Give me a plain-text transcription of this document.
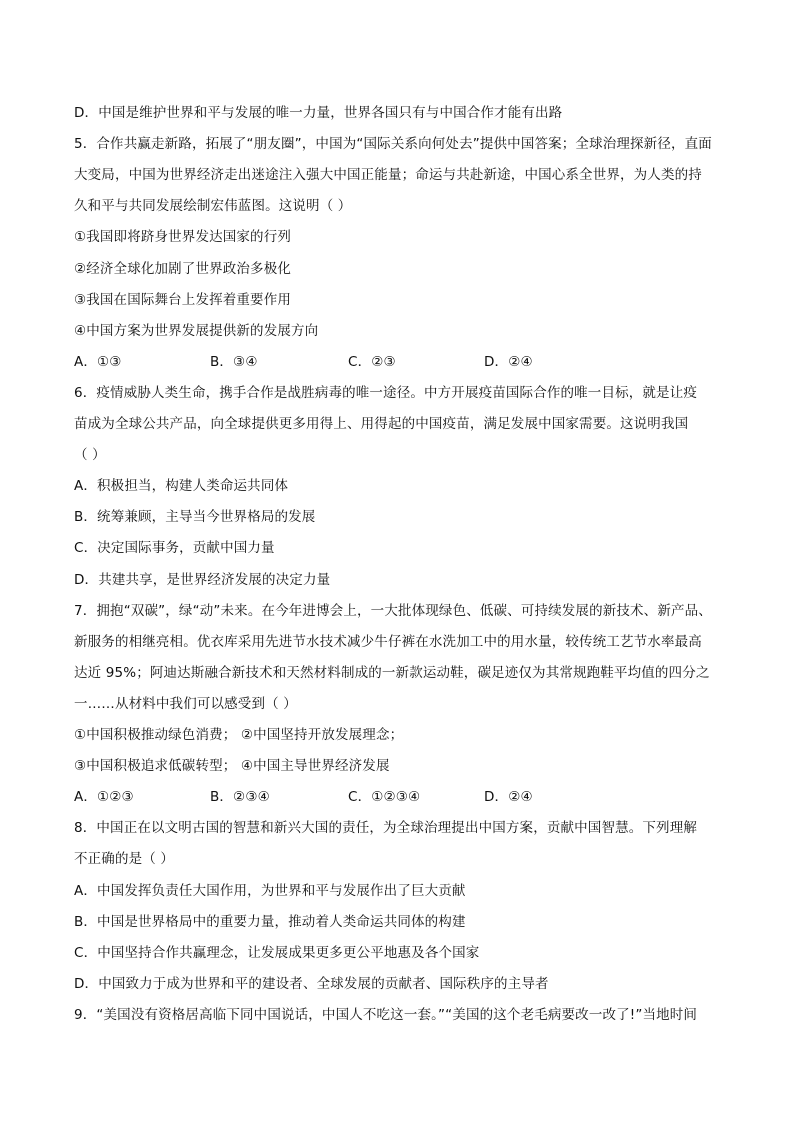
D．中国是维护世界和平与发展的唯一力量，世界各国只有与中国合作才能有出路
5．合作共赢走新路，拓展了“朋友圈”，中国为“国际关系向何处去”提供中国答案；全球治理探新径，直面
大变局，中国为世界经济走出迷途注入强大中国正能量；命运与共赴新途，中国心系全世界，为人类的持
久和平与共同发展绘制宏伟蓝图。这说明（ ）
①我国即将跻身世界发达国家的行列
②经济全球化加剧了世界政治多极化
③我国在国际舞台上发挥着重要作用
④中国方案为世界发展提供新的发展方向
A．①③	B．③④	C．②③	D．②④
6．疫情威胁人类生命，携手合作是战胜病毒的唯一途径。中方开展疫苗国际合作的唯一目标，就是让疫
苗成为全球公共产品，向全球提供更多用得上、用得起的中国疫苗，满足发展中国家需要。这说明我国
（ ）
A．积极担当，构建人类命运共同体
B．统筹兼顾，主导当今世界格局的发展
C．决定国际事务，贡献中国力量
D．共建共享，是世界经济发展的决定力量
7．拥抱“双碳”，绿“动”未来。在今年进博会上，一大批体现绿色、低碳、可持续发展的新技术、新产品、
新服务的相继亮相。优衣库采用先进节水技术减少牛仔裤在水洗加工中的用水量，较传统工艺节水率最高
达近 95%；阿迪达斯融合新技术和天然材料制成的一新款运动鞋，碳足迹仅为其常规跑鞋平均值的四分之
一……从材料中我们可以感受到（ ）
①中国积极推动绿色消费； ②中国坚持开放发展理念；
③中国积极追求低碳转型； ④中国主导世界经济发展
A．①②③	B．②③④	C．①②③④	D．②④
8．中国正在以文明古国的智慧和新兴大国的责任，为全球治理提出中国方案，贡献中国智慧。下列理解
不正确的是（ ）
A．中国发挥负责任大国作用，为世界和平与发展作出了巨大贡献
B．中国是世界格局中的重要力量，推动着人类命运共同体的构建
C．中国坚持合作共赢理念，让发展成果更多更公平地惠及各个国家
D．中国致力于成为世界和平的建设者、全球发展的贡献者、国际秩序的主导者
9．“美国没有资格居高临下同中国说话，中国人不吃这一套。”“美国的这个老毛病要改一改了!”当地时间
